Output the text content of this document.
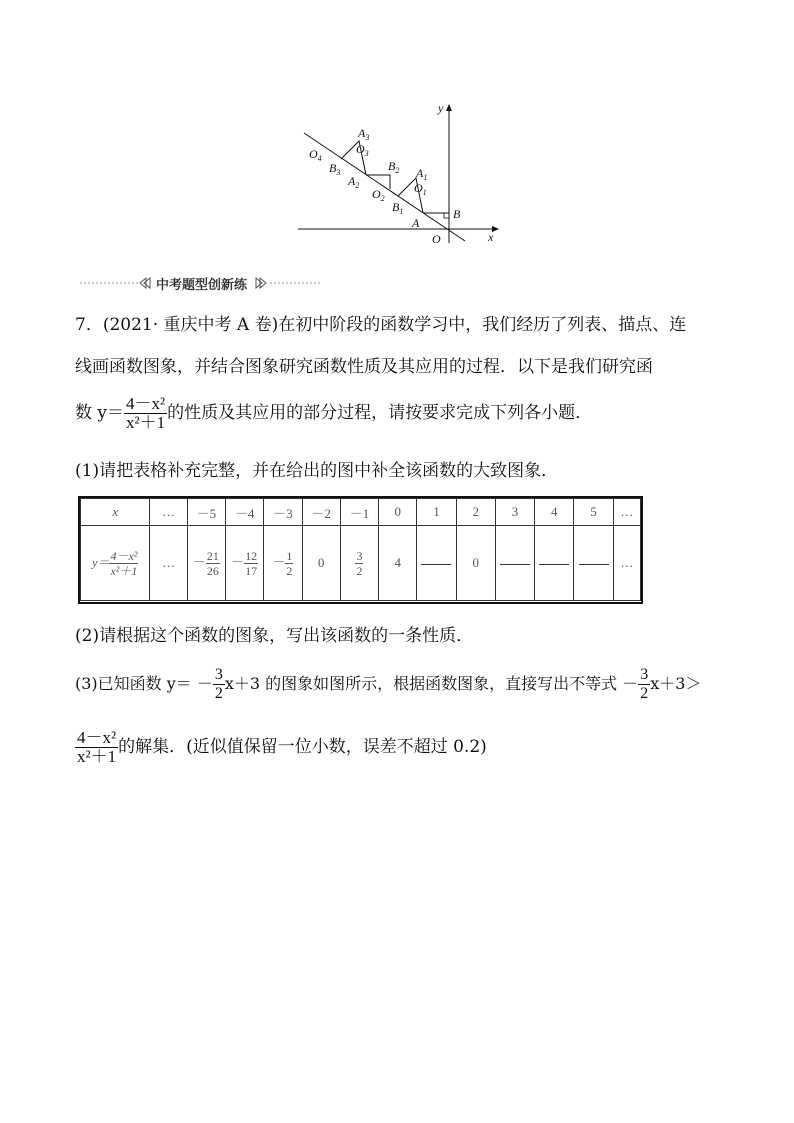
y
x
O
B
A
$B_1$
$O_1$
$A_1$
$O_2$
$A_2$
$B_2$
$B_3$
$O_3$
$A_3$
$O_4$
中考题型创新练
7．(2021· 重庆中考 A 卷)在初中阶段的函数学习中，我们经历了列表、描点、连
线画函数图象，并结合图象研究函数性质及其应用的过程．以下是我们研究函
数 $y= \frac{\text{4－x²}}{\text{x²＋1}}$ 的性质及其应用的部分过程，请按要求完成下列各小题．
(1)请把表格补充完整，并在给出的图中补全该函数的大致图象．
x	…	－5	－4	－3	－2	－1	0	1	2	3	4	5	…
$y= \frac{\text{4－x²}}{\text{x²＋1}}$	…	－ $\frac{21}{26}$	－ $\frac{12}{17}$	－ $\frac{1}{2}$	0	$\frac{3}{2}$	4		0				…
(2)请根据这个函数的图象，写出该函数的一条性质．
(3)已知函数 $y= - \frac{3}{2} x+3$ 的图象如图所示，根据函数图象，直接写出不等式 － $\frac{3}{2} x+3>$
$\frac{\text{4－x²}}{\text{x²＋1}}$ 的解集．(近似值保留一位小数，误差不超过 0.2)
